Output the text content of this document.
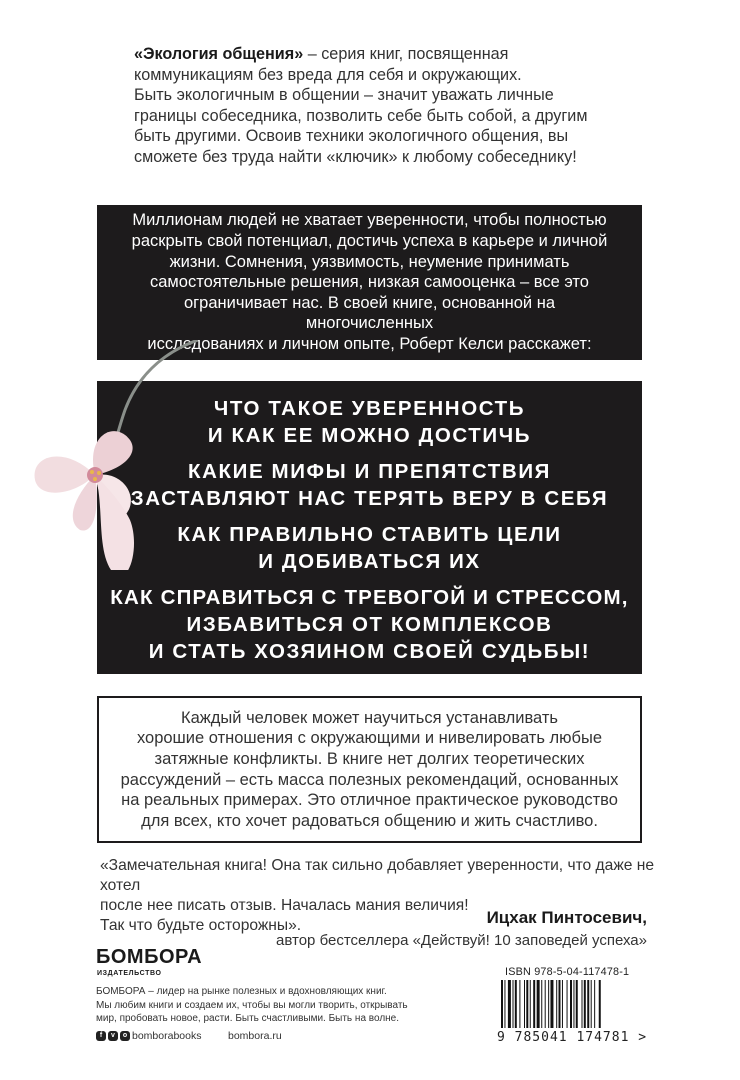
«Экология общения» – серия книг, посвященная
коммуникациям без вреда для себя и окружающих.
Быть экологичным в общении – значит уважать личные
границы собеседника, позволить себе быть собой, а другим
быть другими. Освоив техники экологичного общения, вы
сможете без труда найти «ключик» к любому собеседнику!
Миллионам людей не хватает уверенности, чтобы полностью
раскрыть свой потенциал, достичь успеха в карьере и личной
жизни. Сомнения, уязвимость, неумение принимать
самостоятельные решения, низкая самооценка – все это
ограничивает нас. В своей книге, основанной на многочисленных
исследованиях и личном опыте, Роберт Келси расскажет:
ЧТО ТАКОЕ УВЕРЕННОСТЬ
И КАК ЕЕ МОЖНО ДОСТИЧЬ
КАКИЕ МИФЫ И ПРЕПЯТСТВИЯ
ЗАСТАВЛЯЮТ НАС ТЕРЯТЬ ВЕРУ В СЕБЯ
КАК ПРАВИЛЬНО СТАВИТЬ ЦЕЛИ
И ДОБИВАТЬСЯ ИХ
КАК СПРАВИТЬСЯ С ТРЕВОГОЙ И СТРЕССОМ,
ИЗБАВИТЬСЯ ОТ КОМПЛЕКСОВ
И СТАТЬ ХОЗЯИНОМ СВОЕЙ СУДЬБЫ!
Каждый человек может научиться устанавливать
хорошие отношения с окружающими и нивелировать любые
затяжные конфликты. В книге нет долгих теоретических
рассуждений – есть масса полезных рекомендаций, основанных
на реальных примерах. Это отличное практическое руководство
для всех, кто хочет радоваться общению и жить счастливо.
«Замечательная книга! Она так сильно добавляет уверенности, что даже не хотел
после нее писать отзыв. Началась мания величия!
Так что будьте осторожны».	Ицхак Пинтосевич,
автор бестселлера «Действуй! 10 заповедей успеха»
БОМБОРА
ИЗДАТЕЛЬСТВО
БОМБОРА – лидер на рынке полезных и вдохновляющих книг.
Мы любим книги и создаем их, чтобы вы могли творить, открывать
мир, пробовать новое, расти. Быть счастливыми. Быть на волне.
f	v	o bomborabooks	bombora.ru
ISBN 978-5-04-117478-1
9 785041 174781 >
